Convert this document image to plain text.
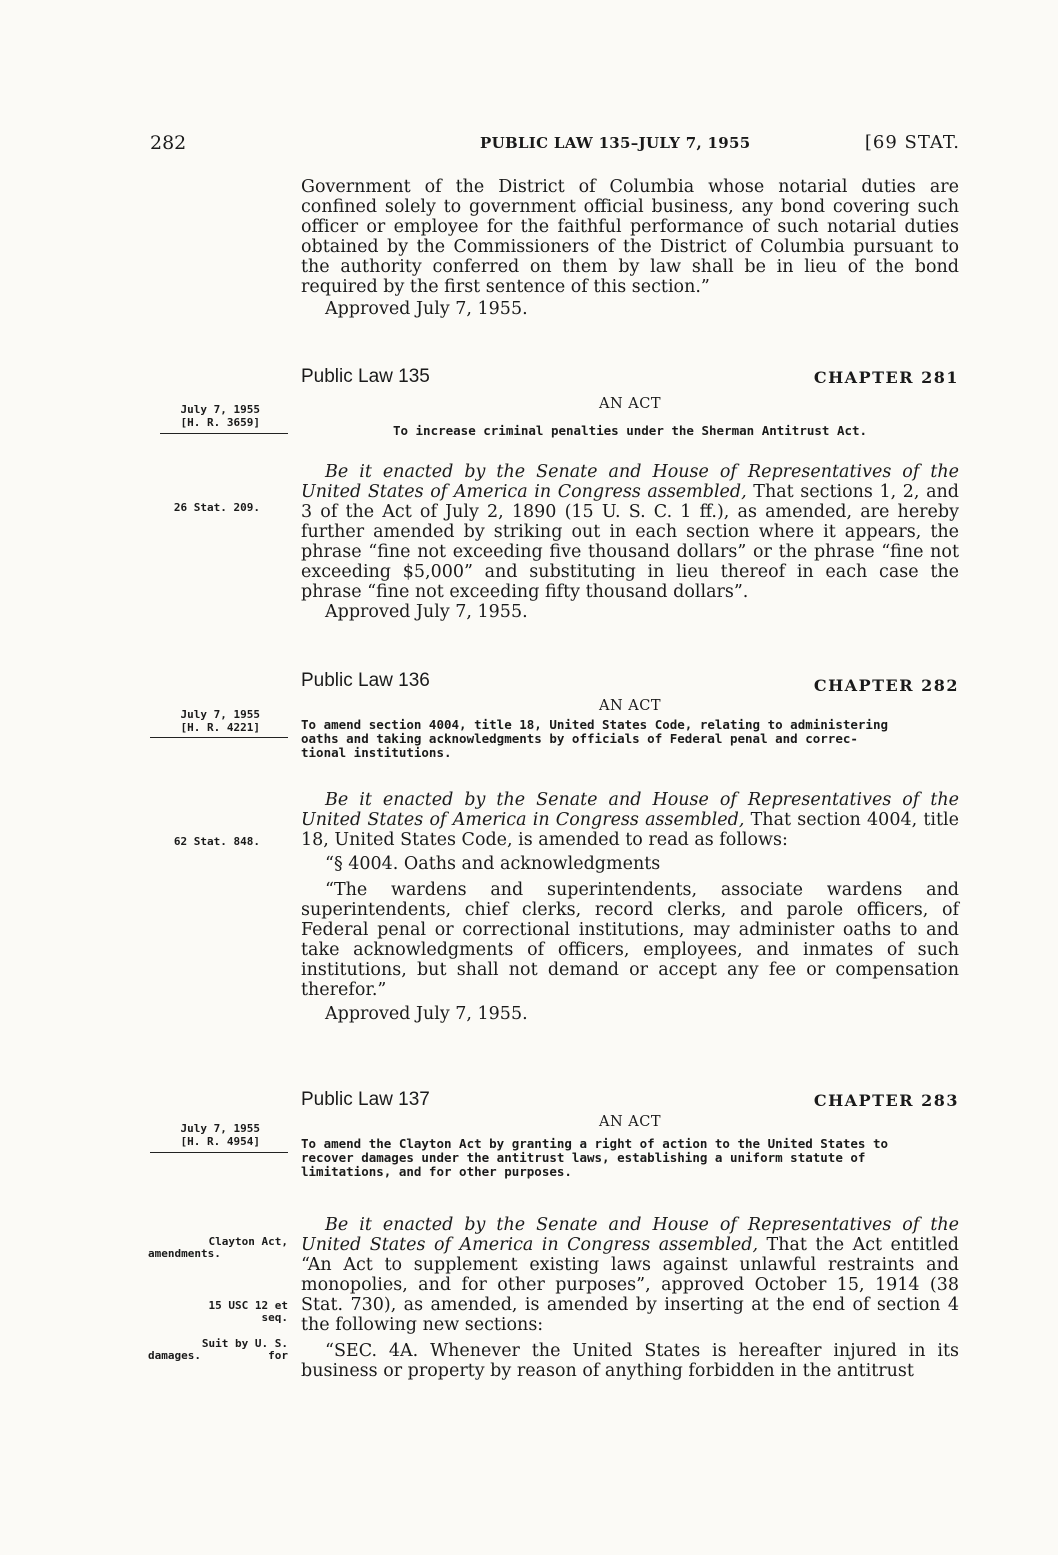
282	PUBLIC LAW 135–JULY 7, 1955	[69 STAT.

Government of the District of Columbia whose notarial duties are confined solely to government official business, any bond covering such officer or employee for the faithful performance of such notarial duties obtained by the Commissioners of the District of Columbia pursuant to the authority conferred on them by law shall be in lieu of the bond required by the first sentence of this section.”

Approved July 7, 1955.

Public Law 135	CHAPTER 281
AN ACT
To increase criminal penalties under the Sherman Antitrust Act.
July 7, 1955
[H. R. 3659]

Be it enacted by the Senate and House of Representatives of the United States of America in Congress assembled, That sections 1, 2, and 3 of the Act of July 2, 1890 (15 U. S. C. 1 ff.), as amended, are hereby further amended by striking out in each section where it appears, the phrase “fine not exceeding five thousand dollars” or the phrase “fine not exceeding $5,000” and substituting in lieu thereof in each case the phrase “fine not exceeding fifty thousand dollars”.

Approved July 7, 1955.

26 Stat. 209.
Public Law 136	CHAPTER 282
AN ACT
To amend section 4004, title 18, United States Code, relating to administering
oaths and taking acknowledgments by officials of Federal penal and correc-
tional institutions.
July 7, 1955
[H. R. 4221]

Be it enacted by the Senate and House of Representatives of the United States of America in Congress assembled, That section 4004, title 18, United States Code, is amended to read as follows:

“§ 4004. Oaths and acknowledgments

“The wardens and superintendents, associate wardens and superintendents, chief clerks, record clerks, and parole officers, of Federal penal or correctional institutions, may administer oaths to and take acknowledgments of officers, employees, and inmates of such institutions, but shall not demand or accept any fee or compensation therefor.”

Approved July 7, 1955.

62 Stat. 848.
Public Law 137	CHAPTER 283
AN ACT
To amend the Clayton Act by granting a right of action to the United States to
recover damages under the antitrust laws, establishing a uniform statute of
limitations, and for other purposes.
July 7, 1955
[H. R. 4954]

Be it enacted by the Senate and House of Representatives of the United States of America in Congress assembled, That the Act entitled “An Act to supplement existing laws against unlawful restraints and monopolies, and for other purposes”, approved October 15, 1914 (38 Stat. 730), as amended, is amended by inserting at the end of section 4 the following new sections:

“SEC. 4A. Whenever the United States is hereafter injured in its business or property by reason of anything forbidden in the antitrust

Clayton Act,
amendments.
15 USC 12 et seq.
Suit by U. S. for
damages.
